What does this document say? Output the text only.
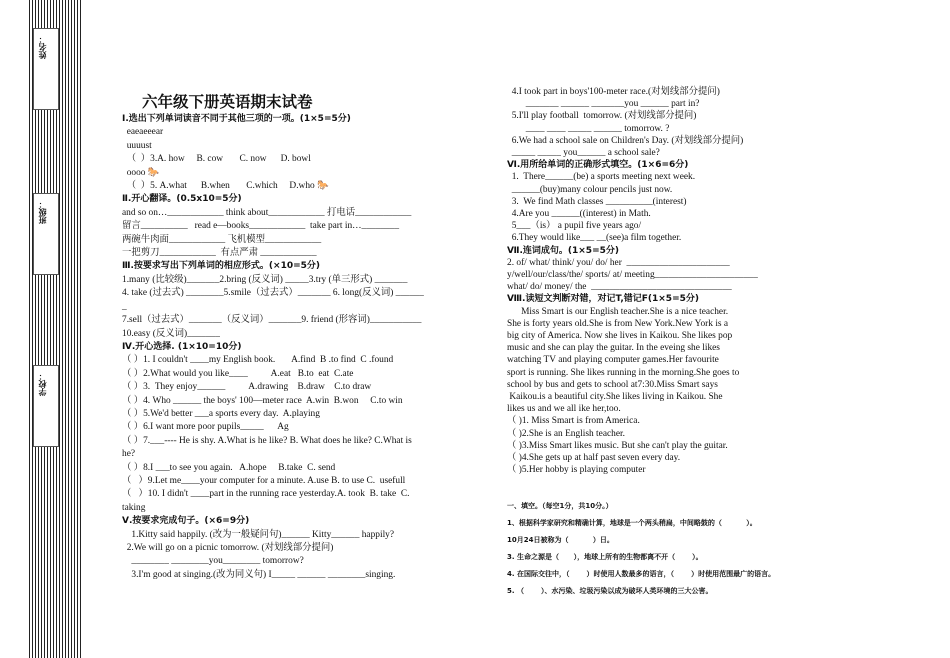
姓名：
班级：
学校：
六年级下册英语期末试卷
Ⅰ.选出下列单词读音不同于其他三项的一项。(1×5=5分)
eaeaeeear
uuuust
（  ）3.A. how     B. cow       C. now      D. bowl
oooo 🐎
（  ）5. A.what      B.when       C.which     D.who 🐎
Ⅱ.开心翻译。(0.5x10=5分)
and so on…____________ think about____________ 打电话____________
留言__________   read e—books____________  take part in…________
两碗牛肉面____________ 飞机模型____________
一把剪刀____________  有点严肃 ____________
Ⅲ.按要求写出下列单词的相应形式。(×10=5分)
1.many (比较级)_______2.bring (反义词) _____3.try (单三形式) _______
4. take (过去式) ________5.smile（过去式）_______ 6. long(反义词) ______
_
7.sell（过去式）_______（反义词）_______9. friend (形容词)___________
10.easy (反义词)_______
Ⅳ.开心选择. (1×10=10分)
（ ）1. I couldn't ____my English book.       A.find  B .to find  C .found
（ ）2.What would you like____          A.eat   B.to  eat  C.ate
（ ）3.  They enjoy______          A.drawing    B.draw    C.to draw
（ ）4. Who ______ the boys' 100—meter race  A.win  B.won     C.to win
（ ）5.We'd better ___a sports every day.  A.playing
（ ）6.I want more poor pupils_____      Ag
（ ）7.___---- He is shy. A.What is he like? B. What does he like? C.What is
he?
（ ）8.I ___to see you again.   A.hope     B.take  C. send
（   ）9.Let me____your computer for a minute. A.use B. to use C.  usefull
（   ）10. I didn't ____part in the running race yesterday.A. took  B. take  C.
taking
Ⅴ.按要求完成句子。(×6=9分)
1.Kitty said happily. (改为一般疑问句)______ Kitty______ happily?
2.We will go on a picnic tomorrow. (对划线部分提问)
________ ________you________ tomorrow?
3.I'm good at singing.(改为同义句) I_____ ______ ________singing.
4.I took part in boys'100-meter race.(对划线部分提问)
_______ ______ _______you ______ part in?
5.I'll play football  tomorrow. (对划线部分提问)
____ ____ _____ ______ tomorrow. ?
6.We had a school sale on Children's Day. (对划线部分提问)
_____ _____ you______ a school sale?
Ⅵ.用所给单词的正确形式填空。(1×6=6分)
1.  There______(be) a sports meeting next week.
______(buy)many colour pencils just now.
3.  We find Math classes __________(interest)
4.Are you ______((interest) in Math.
5___（is） a pupil five years ago/
6.They would like___ __(see)a film together.
Ⅶ.连词成句。(1×5=5分)
2. of/ what/ think/ you/ do/ her  ______________________
y/well/our/class/the/ sports/ at/ meeting______________________
what/ do/ money/ the  ______________________________
Ⅷ.读短文判断对错，对记T,错记F(1×5=5分)
Miss Smart is our English teacher.She is a nice teacher.
She is forty years old.She is from New York.New York is a
big city of America. Now she lives in Kaikou. She likes pop
music and she can play the guitar. In the eveing she likes
watching TV and playing computer games.Her favourite
sport is running. She likes running in the morning.She goes to
school by bus and gets to school at7:30.Miss Smart says
Kaikou.is a beautiful city.She likes living in Kaikou. She
likes us and we all ike her,too.
（ )1. Miss Smart is from America.
（ )2.She is an English teacher.
（ )3.Miss Smart likes music. But she can't play the guitar.
（ )4.She gets up at half past seven every day.
（ )5.Her hobby is playing computer
一、填空。（每空1分，共10分。）
1、根据科学家研究和精确计算，地球是一个两头稍扁，中间略鼓的（          ）。
10月24日被称为（          ）日。
3. 生命之源是（      ），地球上所有的生物都离不开（       ）。
4. 在国际交往中，（       ）时使用人数最多的语言，（       ）时使用范围最广的语言。
5. （       ）、水污染、垃圾污染以成为破坏人类环境的三大公害。
